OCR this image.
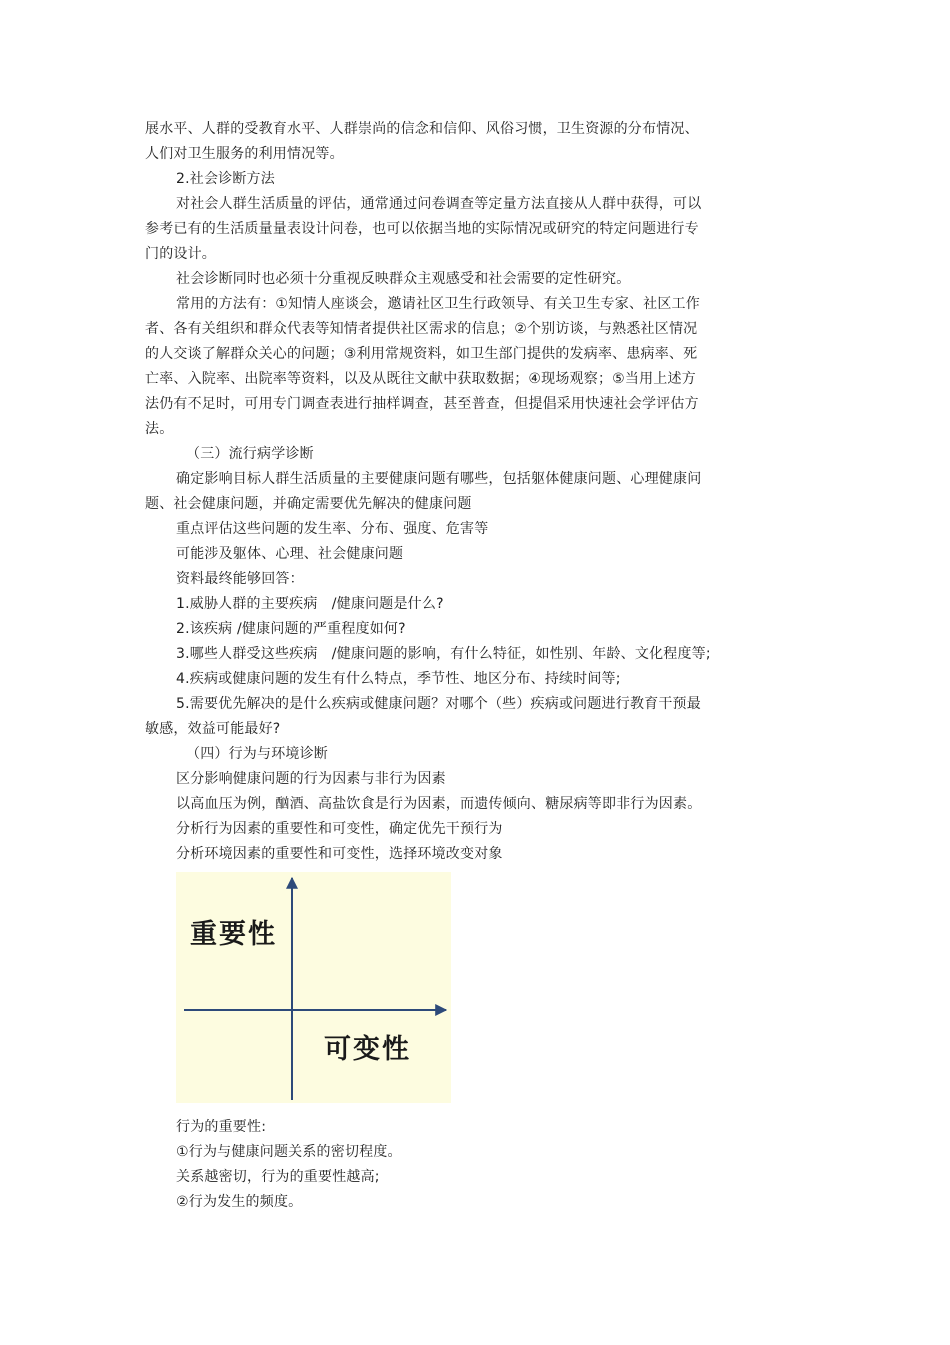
展水平、人群的受教育水平、人群崇尚的信念和信仰、风俗习惯，卫生资源的分布情况、
人们对卫生服务的利用情况等。
2.社会诊断方法
对社会人群生活质量的评估，通常通过问卷调查等定量方法直接从人群中获得，可以
参考已有的生活质量量表设计问卷，也可以依据当地的实际情况或研究的特定问题进行专
门的设计。
社会诊断同时也必须十分重视反映群众主观感受和社会需要的定性研究。
常用的方法有：①知情人座谈会，邀请社区卫生行政领导、有关卫生专家、社区工作
者、各有关组织和群众代表等知情者提供社区需求的信息；②个别访谈，与熟悉社区情况
的人交谈了解群众关心的问题；③利用常规资料，如卫生部门提供的发病率、患病率、死
亡率、入院率、出院率等资料，以及从既往文献中获取数据；④现场观察；⑤当用上述方
法仍有不足时，可用专门调查表进行抽样调查，甚至普查，但提倡采用快速社会学评估方
法。
（三）流行病学诊断
确定影响目标人群生活质量的主要健康问题有哪些，包括躯体健康问题、心理健康问
题、社会健康问题，并确定需要优先解决的健康问题
重点评估这些问题的发生率、分布、强度、危害等
可能涉及躯体、心理、社会健康问题
资料最终能够回答：
1.威胁人群的主要疾病　/健康问题是什么?
2.该疾病 /健康问题的严重程度如何?
3.哪些人群受这些疾病　/健康问题的影响，有什么特征，如性别、年龄、文化程度等;
4.疾病或健康问题的发生有什么特点，季节性、地区分布、持续时间等;
5.需要优先解决的是什么疾病或健康问题？对哪个（些）疾病或问题进行教育干预最
敏感，效益可能最好?
（四）行为与环境诊断
区分影响健康问题的行为因素与非行为因素
以高血压为例，酗酒、高盐饮食是行为因素，而遗传倾向、糖尿病等即非行为因素。
分析行为因素的重要性和可变性，确定优先干预行为
分析环境因素的重要性和可变性，选择环境改变对象
重要性
可变性
行为的重要性:
①行为与健康问题关系的密切程度。
关系越密切，行为的重要性越高;
②行为发生的频度。
